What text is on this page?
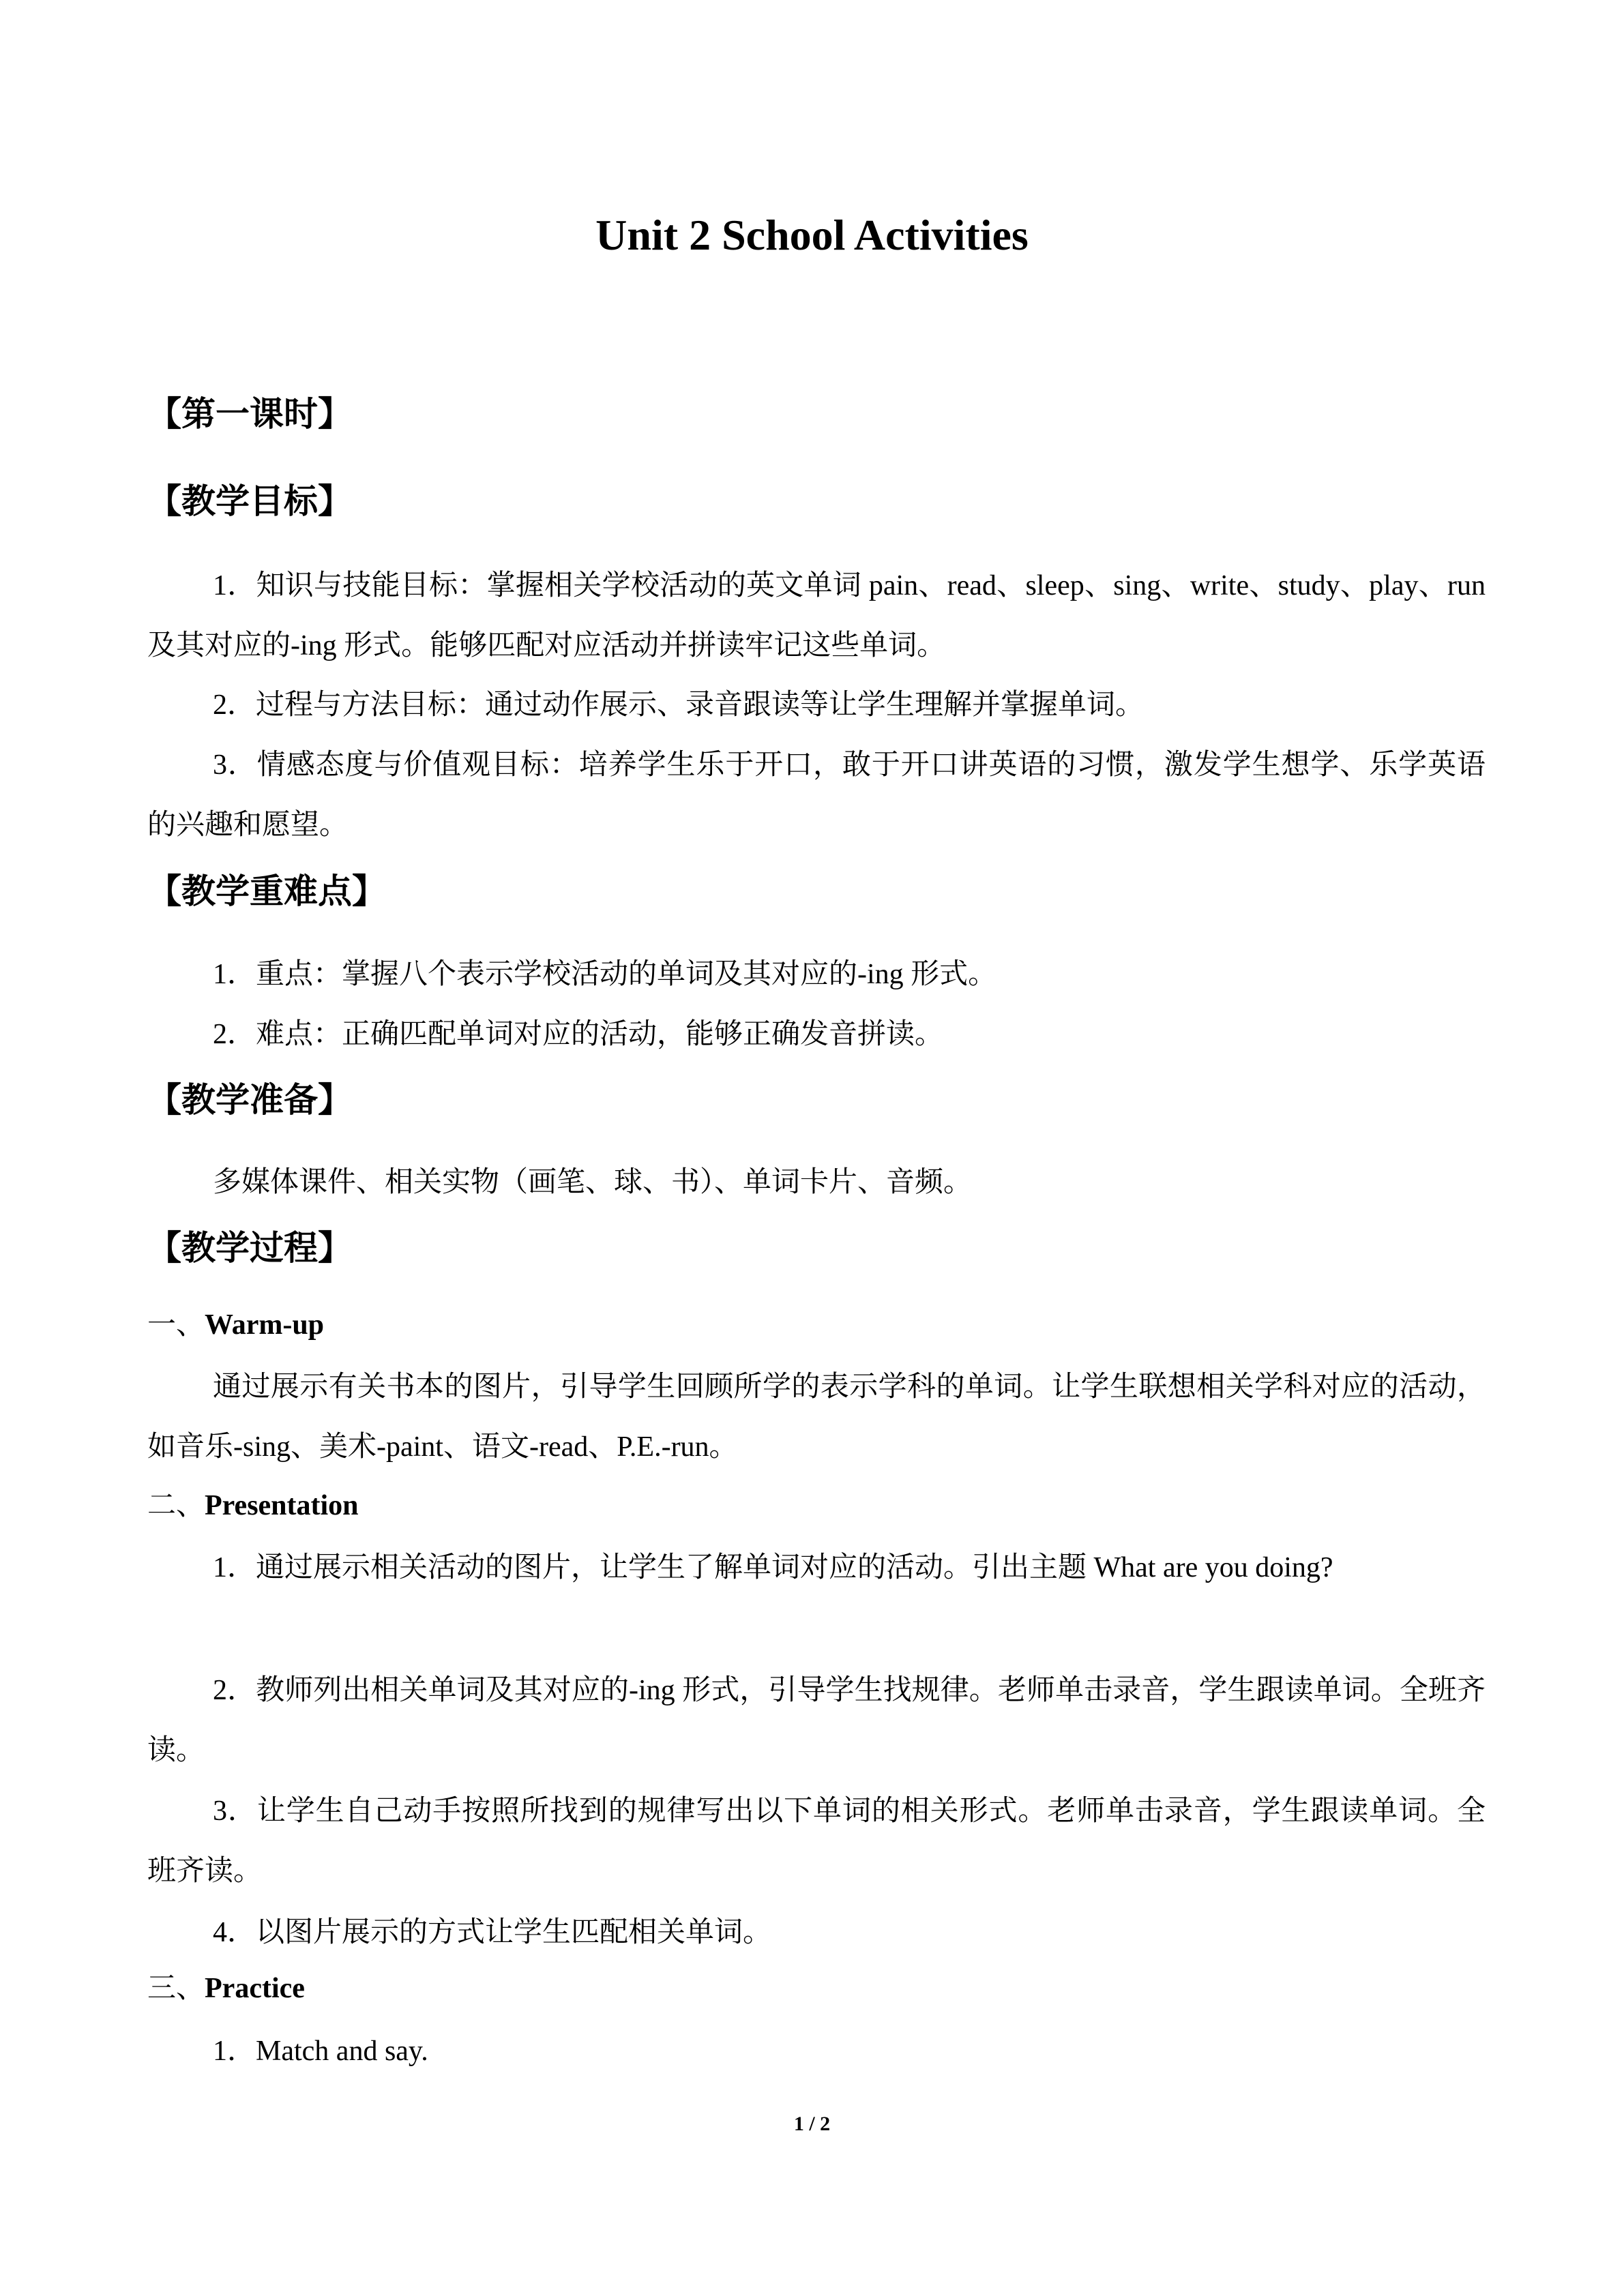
Unit 2 School Activities
【第一课时】
【教学目标】

1．知识与技能目标：掌握相关学校活动的英文单词 pain、read、sleep、sing、write、study、play、run 及其对应的-ing 形式。能够匹配对应活动并拼读牢记这些单词。

2．过程与方法目标：通过动作展示、录音跟读等让学生理解并掌握单词。

3．情感态度与价值观目标：培养学生乐于开口，敢于开口讲英语的习惯，激发学生想学、乐学英语的兴趣和愿望。

【教学重难点】

1．重点：掌握八个表示学校活动的单词及其对应的-ing 形式。

2．难点：正确匹配单词对应的活动，能够正确发音拼读。

【教学准备】

多媒体课件、相关实物（画笔、球、书）、单词卡片、音频。

【教学过程】
一、Warm-up

通过展示有关书本的图片，引导学生回顾所学的表示学科的单词。让学生联想相关学科对应的活动，如音乐-sing、美术-paint、语文-read、P.E.-run。

二、Presentation

1．通过展示相关活动的图片，让学生了解单词对应的活动。引出主题 What are you doing?

2．教师列出相关单词及其对应的-ing 形式，引导学生找规律。老师单击录音，学生跟读单词。全班齐读。

3．让学生自己动手按照所找到的规律写出以下单词的相关形式。老师单击录音，学生跟读单词。全班齐读。

4．以图片展示的方式让学生匹配相关单词。

三、Practice

1．Match and say.

1 / 2
